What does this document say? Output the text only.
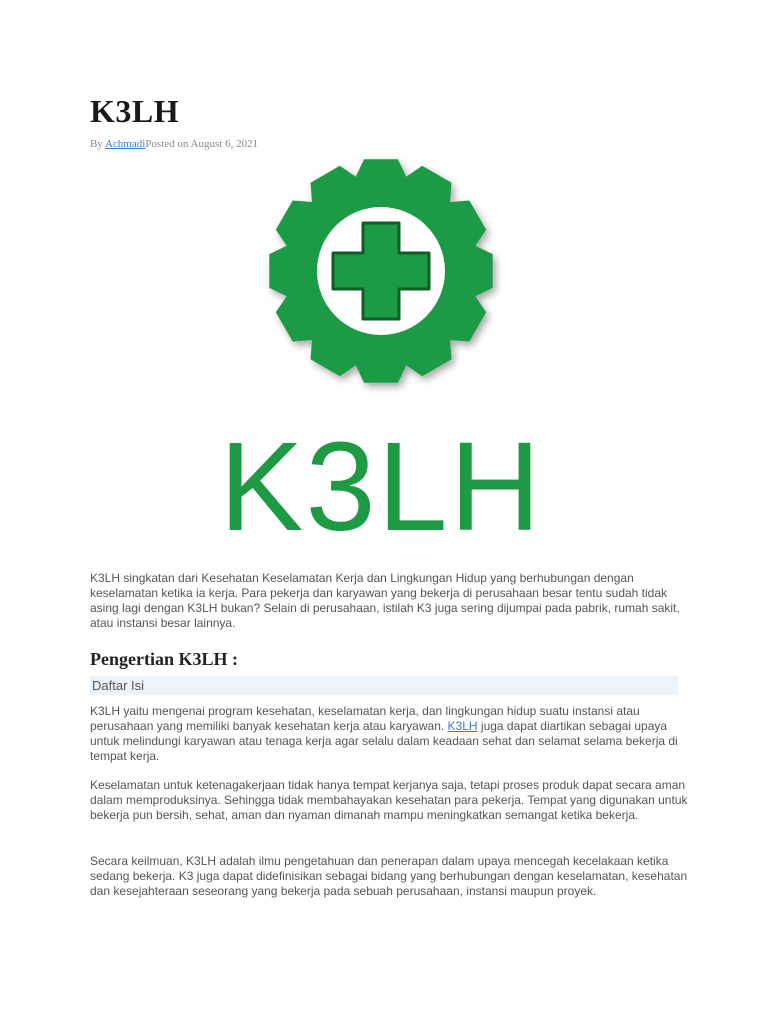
K3LH
By AchmadiPosted on August 6, 2021
K3LH

K3LH singkatan dari Kesehatan Keselamatan Kerja dan Lingkungan Hidup yang berhubungan dengan keselamatan ketika ia kerja. Para pekerja dan karyawan yang bekerja di perusahaan besar tentu sudah tidak asing lagi dengan K3LH bukan? Selain di perusahaan, istilah K3 juga sering dijumpai pada pabrik, rumah sakit, atau instansi besar lainnya.

Pengertian K3LH :
Daftar Isi

K3LH yaitu mengenai program kesehatan, keselamatan kerja, dan lingkungan hidup suatu instansi atau perusahaan yang memiliki banyak kesehatan kerja atau karyawan. K3LH juga dapat diartikan sebagai upaya untuk melindungi karyawan atau tenaga kerja agar selalu dalam keadaan sehat dan selamat selama bekerja di tempat kerja.

Keselamatan untuk ketenagakerjaan tidak hanya tempat kerjanya saja, tetapi proses produk dapat secara aman dalam memproduksinya. Sehingga tidak membahayakan kesehatan para pekerja. Tempat yang digunakan untuk bekerja pun bersih, sehat, aman dan nyaman dimanah mampu meningkatkan semangat ketika bekerja.

Secara keilmuan, K3LH adalah ilmu pengetahuan dan penerapan dalam upaya mencegah kecelakaan ketika sedang bekerja. K3 juga dapat didefinisikan sebagai bidang yang berhubungan dengan keselamatan, kesehatan dan kesejahteraan seseorang yang bekerja pada sebuah perusahaan, instansi maupun proyek.
